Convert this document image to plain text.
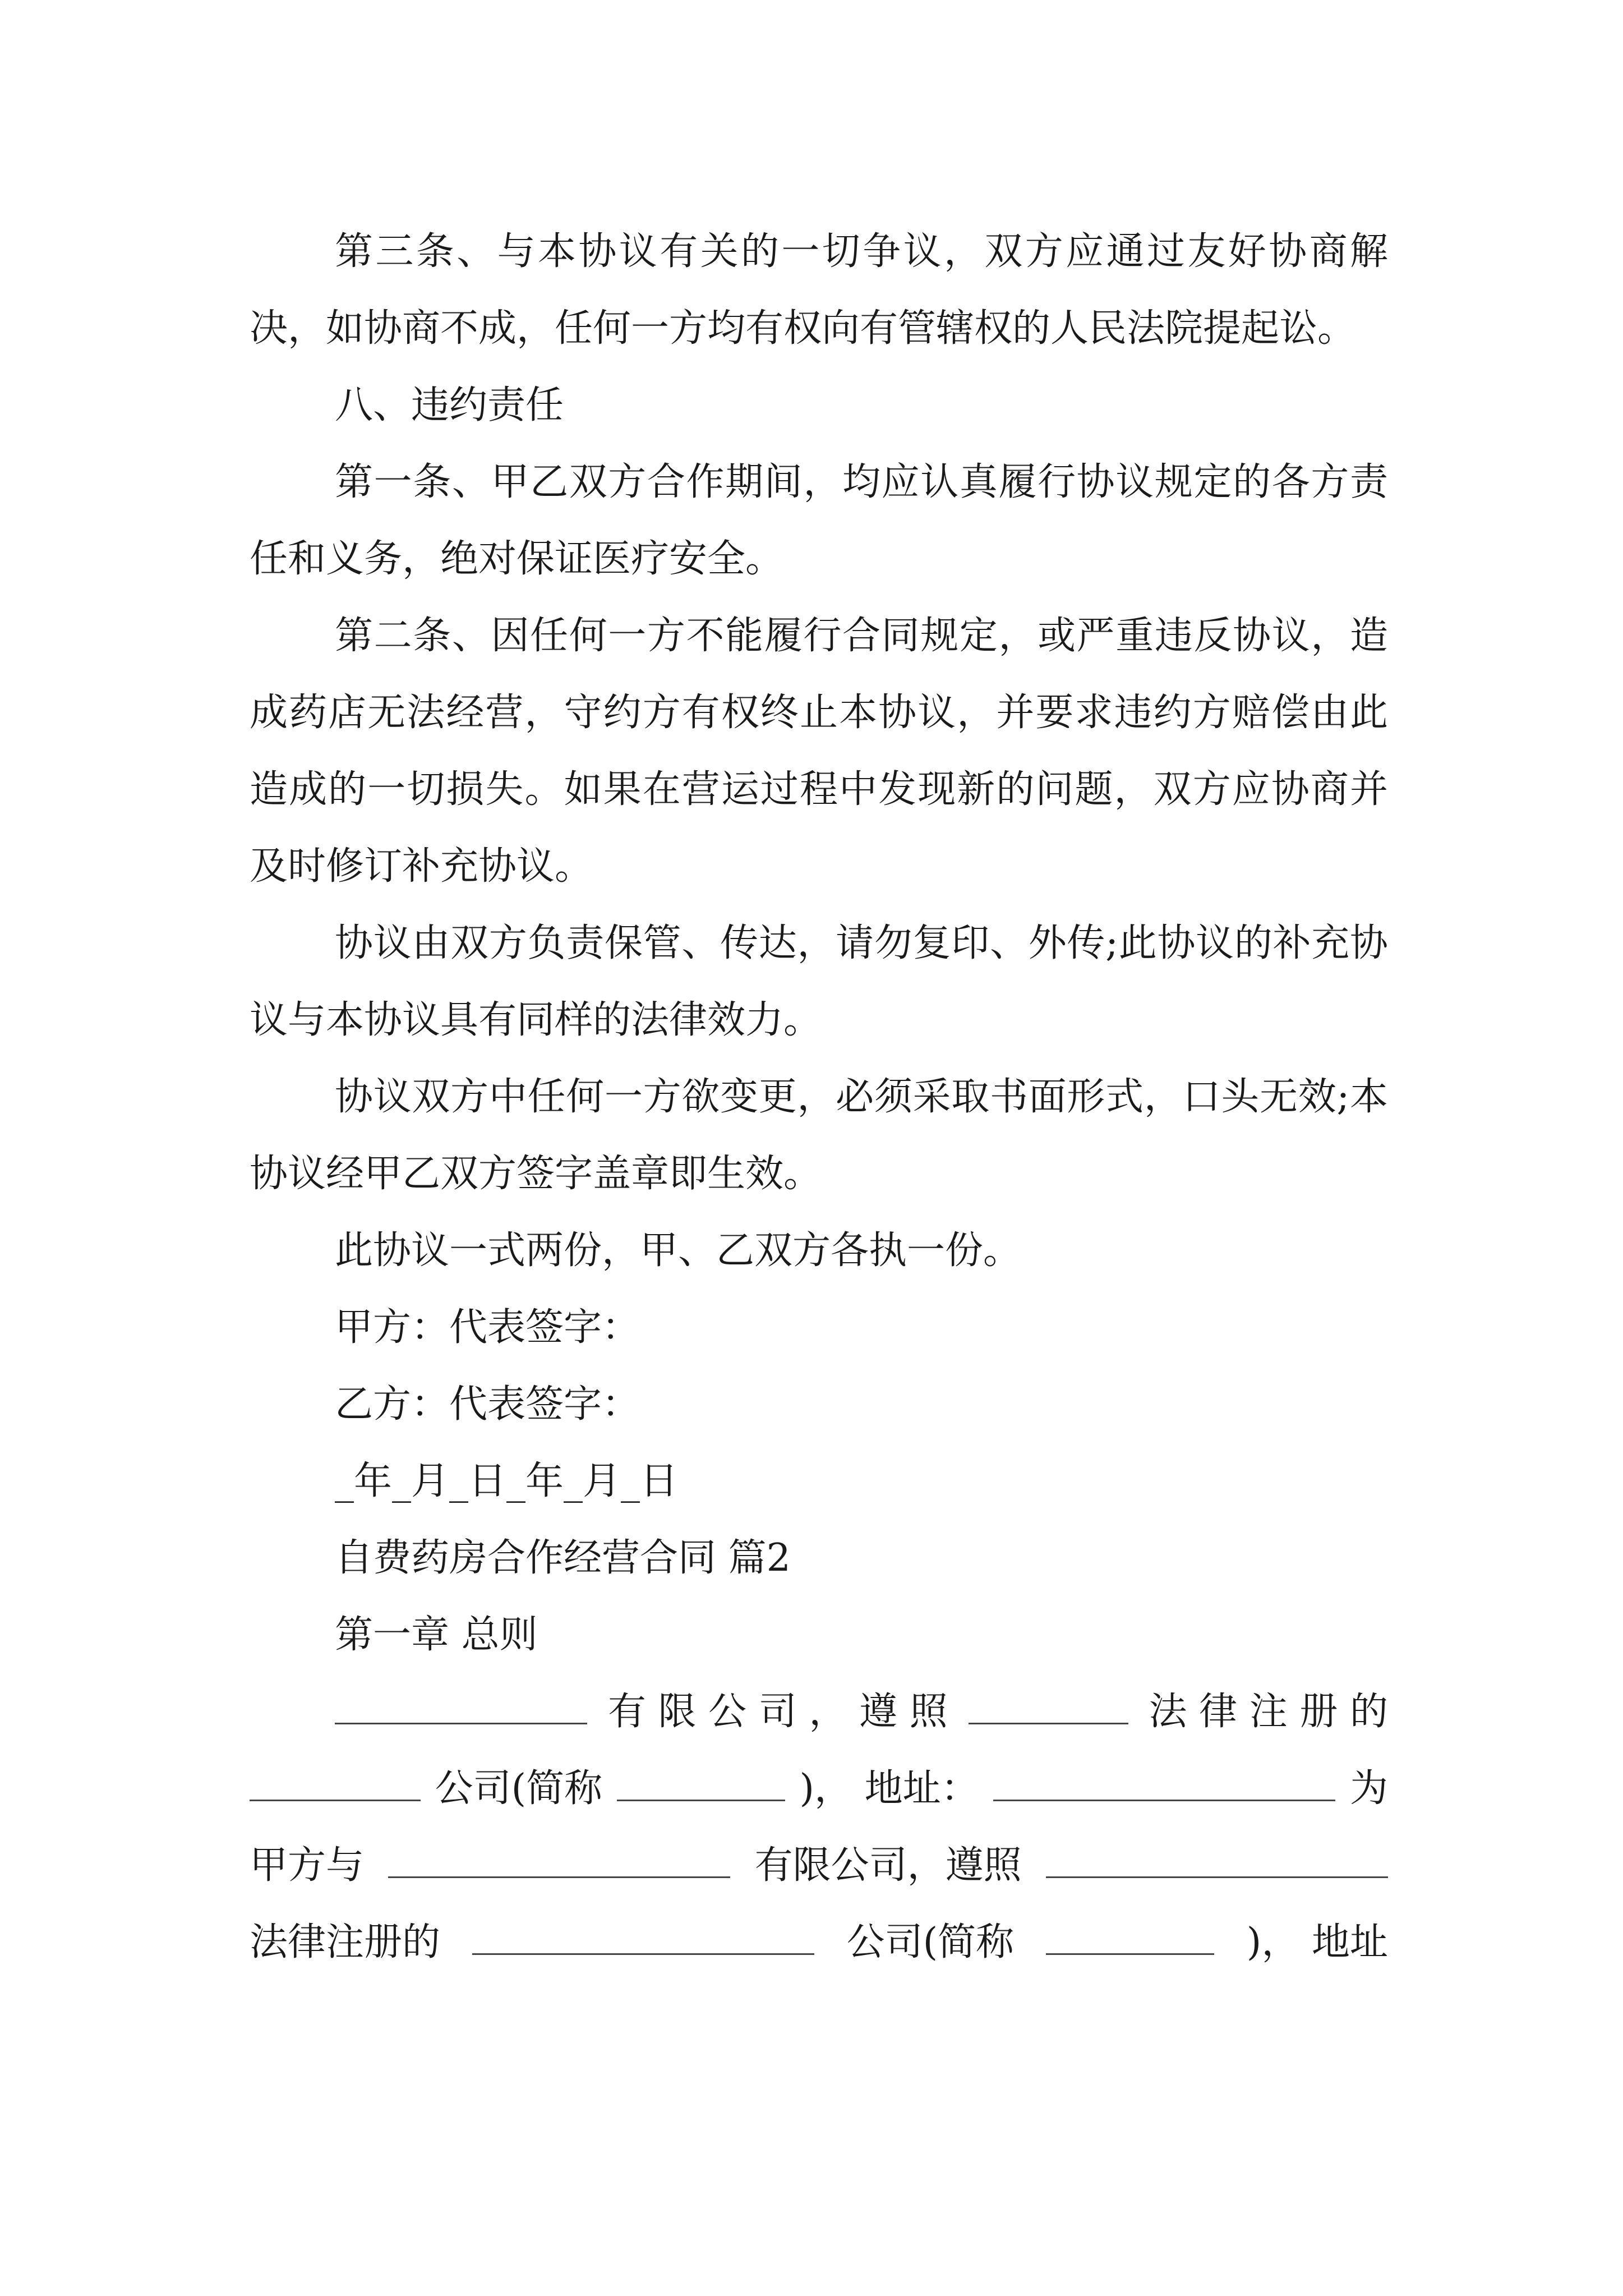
第三条、与本协议有关的一切争议，双方应通过友好协商解决，如协商不成，任何一方均有权向有管辖权的人民法院提起讼。

八、违约责任

第一条、甲乙双方合作期间，均应认真履行协议规定的各方责任和义务，绝对保证医疗安全。

第二条、因任何一方不能履行合同规定，或严重违反协议，造成药店无法经营，守约方有权终止本协议，并要求违约方赔偿由此造成的一切损失。如果在营运过程中发现新的问题，双方应协商并及时修订补充协议。

协议由双方负责保管、传达，请勿复印、外传;此协议的补充协议与本协议具有同样的法律效力。

协议双方中任何一方欲变更，必须采取书面形式，口头无效;本协议经甲乙双方签字盖章即生效。

此协议一式两份，甲、乙双方各执一份。

甲方：代表签字：

乙方：代表签字：

_年_月_日_年_月_日

自费药房合作经营合同 篇2

第一章 总则

有 限 公 司 ， 遵 照	法 律 注 册 的
公司(简称	)， 地址：	为
甲方与	有限公司，遵照
法律注册的	公司(简称	)， 地址
